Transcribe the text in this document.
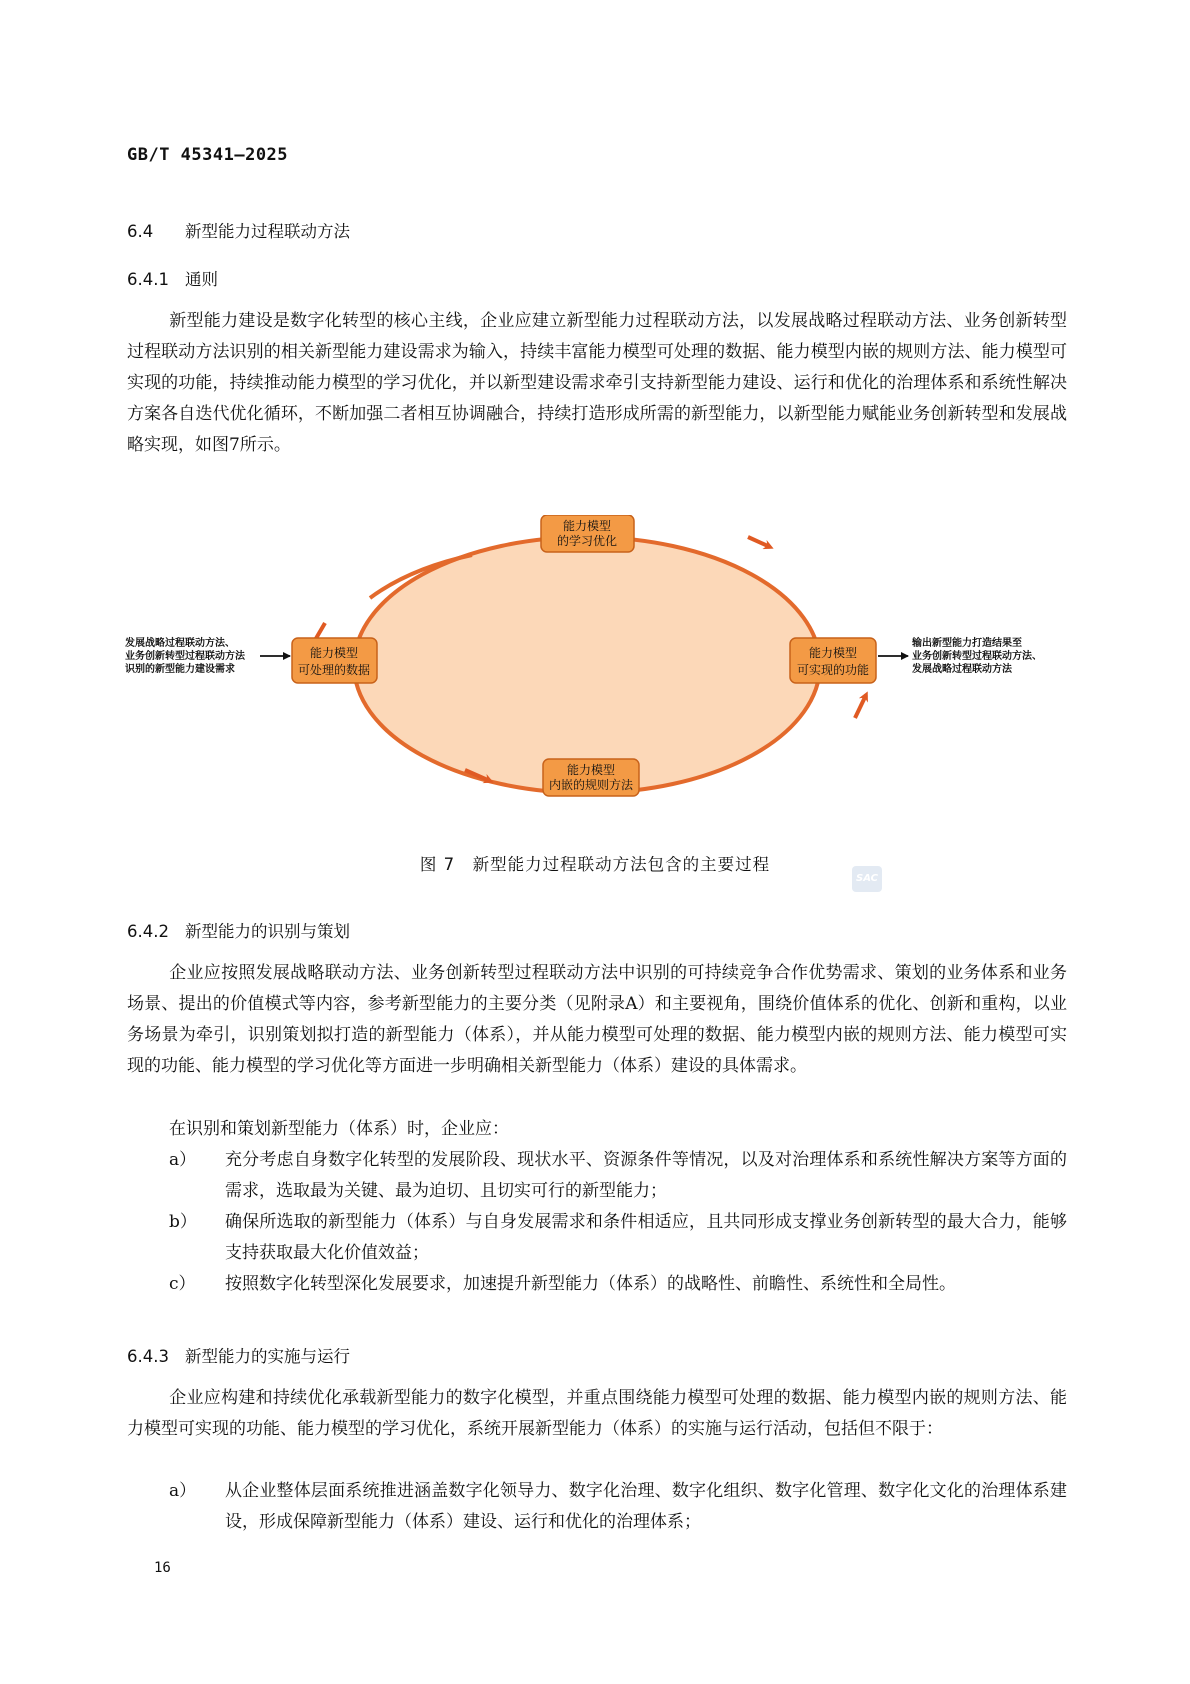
GB/T 45341—2025
6.4 新型能力过程联动方法
6.4.1 通则
新型能力建设是数字化转型的核心主线，企业应建立新型能力过程联动方法，以发展战略过程联动方法、业务创新转型过程联动方法识别的相关新型能力建设需求为输入，持续丰富能力模型可处理的数据、能力模型内嵌的规则方法、能力模型可实现的功能，持续推动能力模型的学习优化，并以新型建设需求牵引支持新型能力建设、运行和优化的治理体系和系统性解决方案各自迭代优化循环，不断加强二者相互协调融合，持续打造形成所需的新型能力，以新型能力赋能业务创新转型和发展战略实现，如图7所示。
能力模型
的学习优化
能力模型
可处理的数据
能力模型
可实现的功能
能力模型
内嵌的规则方法
发展战略过程联动方法、
业务创新转型过程联动方法
识别的新型能力建设需求
输出新型能力打造结果至
业务创新转型过程联动方法、
发展战略过程联动方法
图 7　新型能力过程联动方法包含的主要过程
SAC
6.4.2 新型能力的识别与策划
企业应按照发展战略联动方法、业务创新转型过程联动方法中识别的可持续竞争合作优势需求、策划的业务体系和业务场景、提出的价值模式等内容，参考新型能力的主要分类（见附录A）和主要视角，围绕价值体系的优化、创新和重构，以业务场景为牵引，识别策划拟打造的新型能力（体系），并从能力模型可处理的数据、能力模型内嵌的规则方法、能力模型可实现的功能、能力模型的学习优化等方面进一步明确相关新型能力（体系）建设的具体需求。
在识别和策划新型能力（体系）时，企业应：
a）	充分考虑自身数字化转型的发展阶段、现状水平、资源条件等情况，以及对治理体系和系统性解决方案等方面的需求，选取最为关键、最为迫切、且切实可行的新型能力；
b）	确保所选取的新型能力（体系）与自身发展需求和条件相适应，且共同形成支撑业务创新转型的最大合力，能够支持获取最大化价值效益；
c）	按照数字化转型深化发展要求，加速提升新型能力（体系）的战略性、前瞻性、系统性和全局性。
6.4.3 新型能力的实施与运行
企业应构建和持续优化承载新型能力的数字化模型，并重点围绕能力模型可处理的数据、能力模型内嵌的规则方法、能力模型可实现的功能、能力模型的学习优化，系统开展新型能力（体系）的实施与运行活动，包括但不限于：
a）	从企业整体层面系统推进涵盖数字化领导力、数字化治理、数字化组织、数字化管理、数字化文化的治理体系建设，形成保障新型能力（体系）建设、运行和优化的治理体系；
16
